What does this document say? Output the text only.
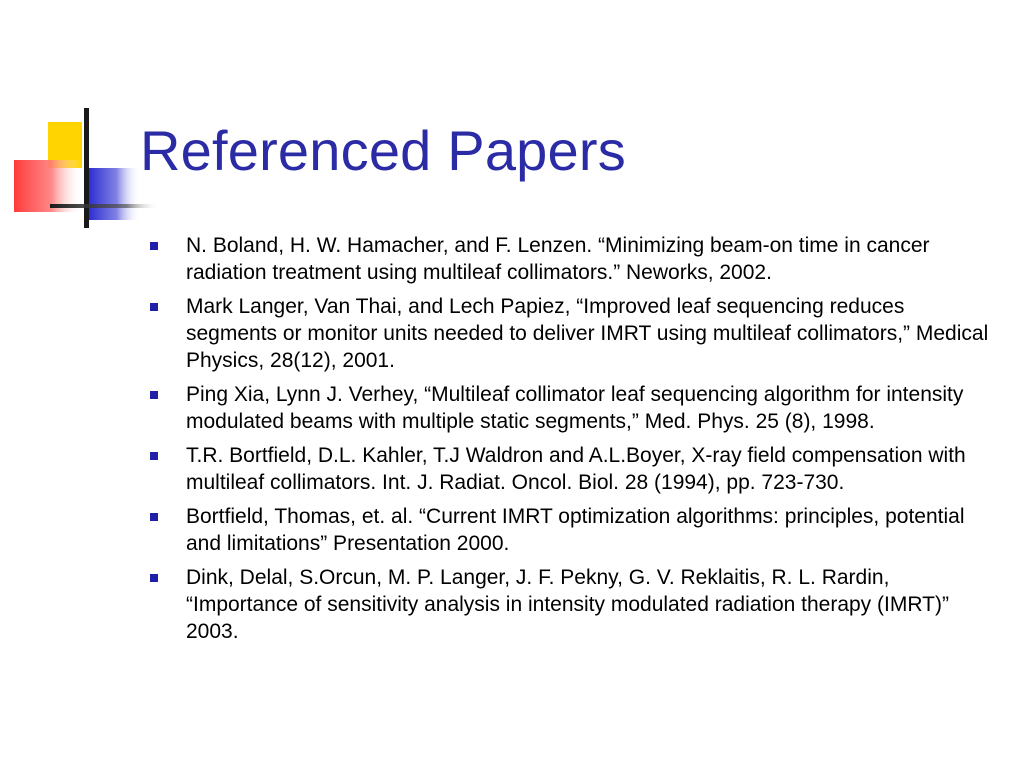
Referenced Papers
N. Boland, H. W. Hamacher, and F. Lenzen. “Minimizing beam-on time in cancer radiation treatment using multileaf collimators.” Neworks, 2002.
Mark Langer, Van Thai, and Lech Papiez, “Improved leaf sequencing reduces segments or monitor units needed to deliver IMRT using multileaf collimators,” Medical Physics, 28(12), 2001.
Ping Xia, Lynn J. Verhey, “Multileaf collimator leaf sequencing algorithm for intensity modulated beams with multiple static segments,” Med. Phys. 25 (8), 1998.
T.R. Bortfield, D.L. Kahler, T.J Waldron and A.L.Boyer, X-ray field compensation with multileaf collimators. Int. J. Radiat. Oncol. Biol. 28 (1994), pp. 723-730.
Bortfield, Thomas, et. al. “Current IMRT optimization algorithms: principles, potential and limitations” Presentation 2000.
Dink, Delal, S.Orcun, M. P. Langer, J. F. Pekny, G. V. Reklaitis, R. L. Rardin, “Importance of sensitivity analysis in intensity modulated radiation therapy (IMRT)” 2003.
